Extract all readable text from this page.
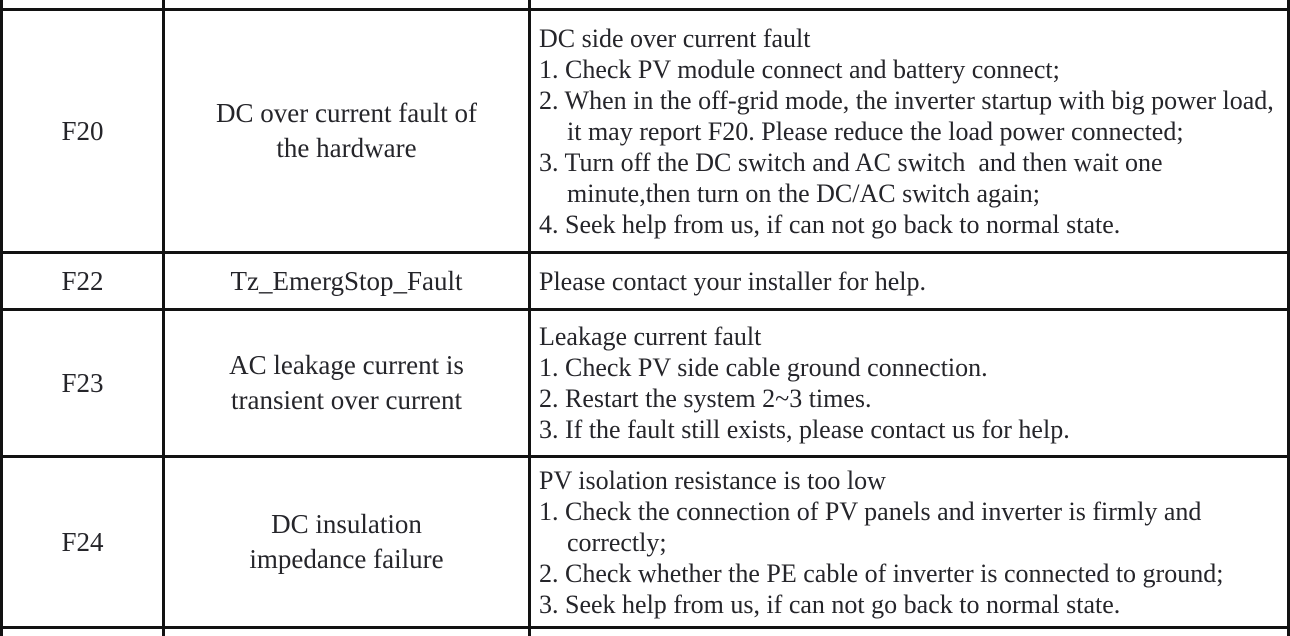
F20
DC over current fault of the hardware
DC side over current fault
1. Check PV module connect and battery connect;
2. When in the off-grid mode, the inverter startup with big power load, it may report F20. Please reduce the load power connected;
3. Turn off the DC switch and AC switch  and then wait one minute,then turn on the DC/AC switch again;
4. Seek help from us, if can not go back to normal state.
F22	Tz_EmergStop_Fault	Please contact your installer for help.
F23
AC leakage current is transient over current
Leakage current fault
1. Check PV side cable ground connection.
2. Restart the system 2~3 times.
3. If the fault still exists, please contact us for help.
F24
DC insulation impedance failure
PV isolation resistance is too low
1. Check the connection of PV panels and inverter is firmly and correctly;
2. Check whether the PE cable of inverter is connected to ground;
3. Seek help from us, if can not go back to normal state.
